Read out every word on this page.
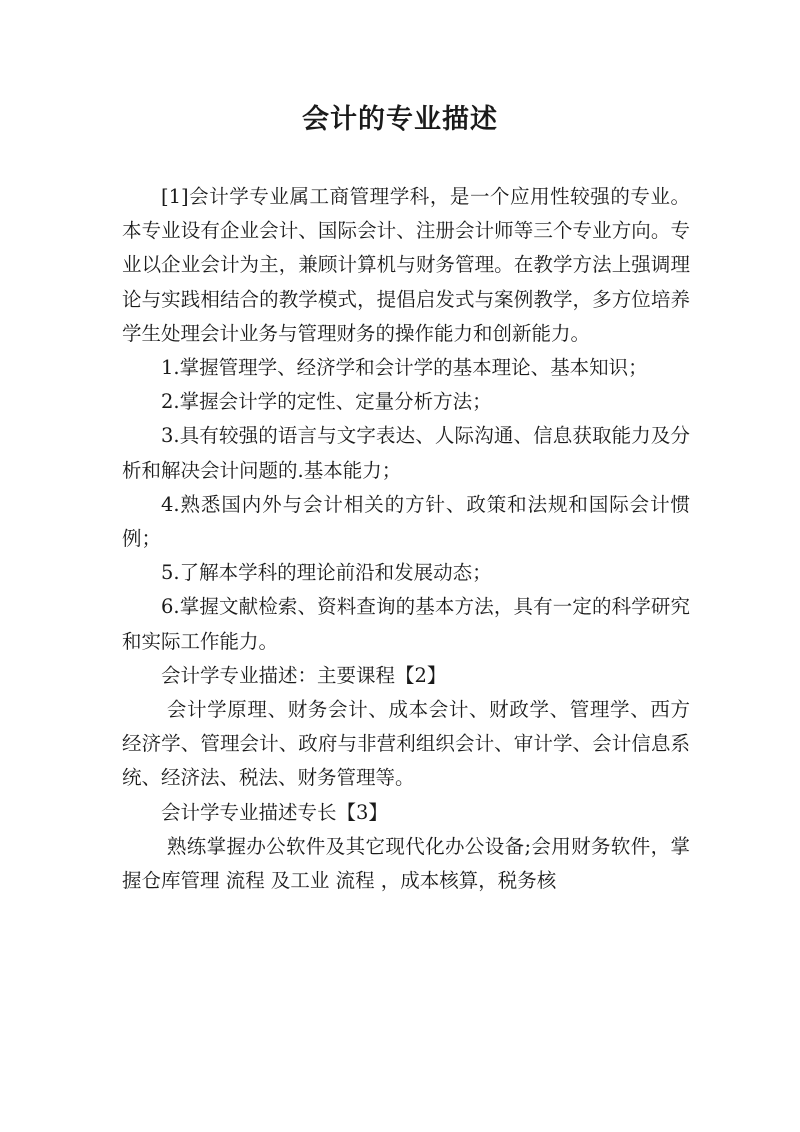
会计的专业描述

[1]会计学专业属工商管理学科，是一个应用性较强的专业。本专业设有企业会计、国际会计、注册会计师等三个专业方向。专业以企业会计为主，兼顾计算机与财务管理。在教学方法上强调理论与实践相结合的教学模式，提倡启发式与案例教学，多方位培养学生处理会计业务与管理财务的操作能力和创新能力。

1.掌握管理学、经济学和会计学的基本理论、基本知识；

2.掌握会计学的定性、定量分析方法；

3.具有较强的语言与文字表达、人际沟通、信息获取能力及分析和解决会计问题的.基本能力；

4.熟悉国内外与会计相关的方针、政策和法规和国际会计惯例；

5.了解本学科的理论前沿和发展动态；

6.掌握文献检索、资料查询的基本方法，具有一定的科学研究和实际工作能力。

会计学专业描述：主要课程【2】

会计学原理、财务会计、成本会计、财政学、管理学、西方经济学、管理会计、政府与非营利组织会计、审计学、会计信息系统、经济法、税法、财务管理等。

会计学专业描述专长【3】

熟练掌握办公软件及其它现代化办公设备;会用财务软件，掌握仓库管理 流程 及工业 流程 ，成本核算，税务核
